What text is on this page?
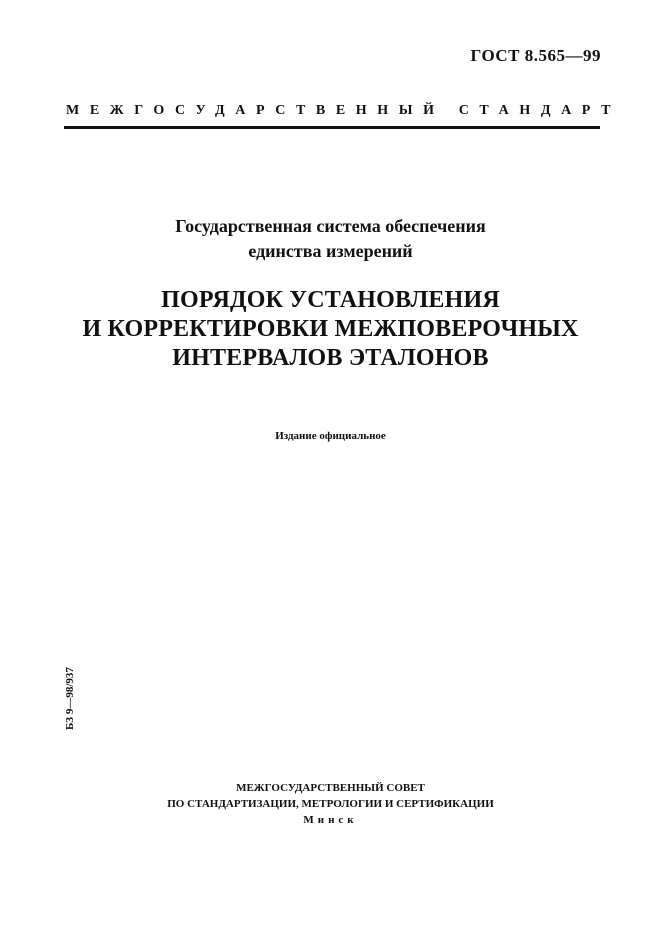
ГОСТ 8.565—99
МЕЖГОСУДАРСТВЕННЫЙ СТАНДАРТ
Государственная система обеспечения
единства измерений
ПОРЯДОК УСТАНОВЛЕНИЯ
И КОРРЕКТИРОВКИ МЕЖПОВЕРОЧНЫХ
ИНТЕРВАЛОВ ЭТАЛОНОВ
Издание официальное
БЗ 9—98/937
МЕЖГОСУДАРСТВЕННЫЙ СОВЕТ
ПО СТАНДАРТИЗАЦИИ, МЕТРОЛОГИИ И СЕРТИФИКАЦИИ
Минск
